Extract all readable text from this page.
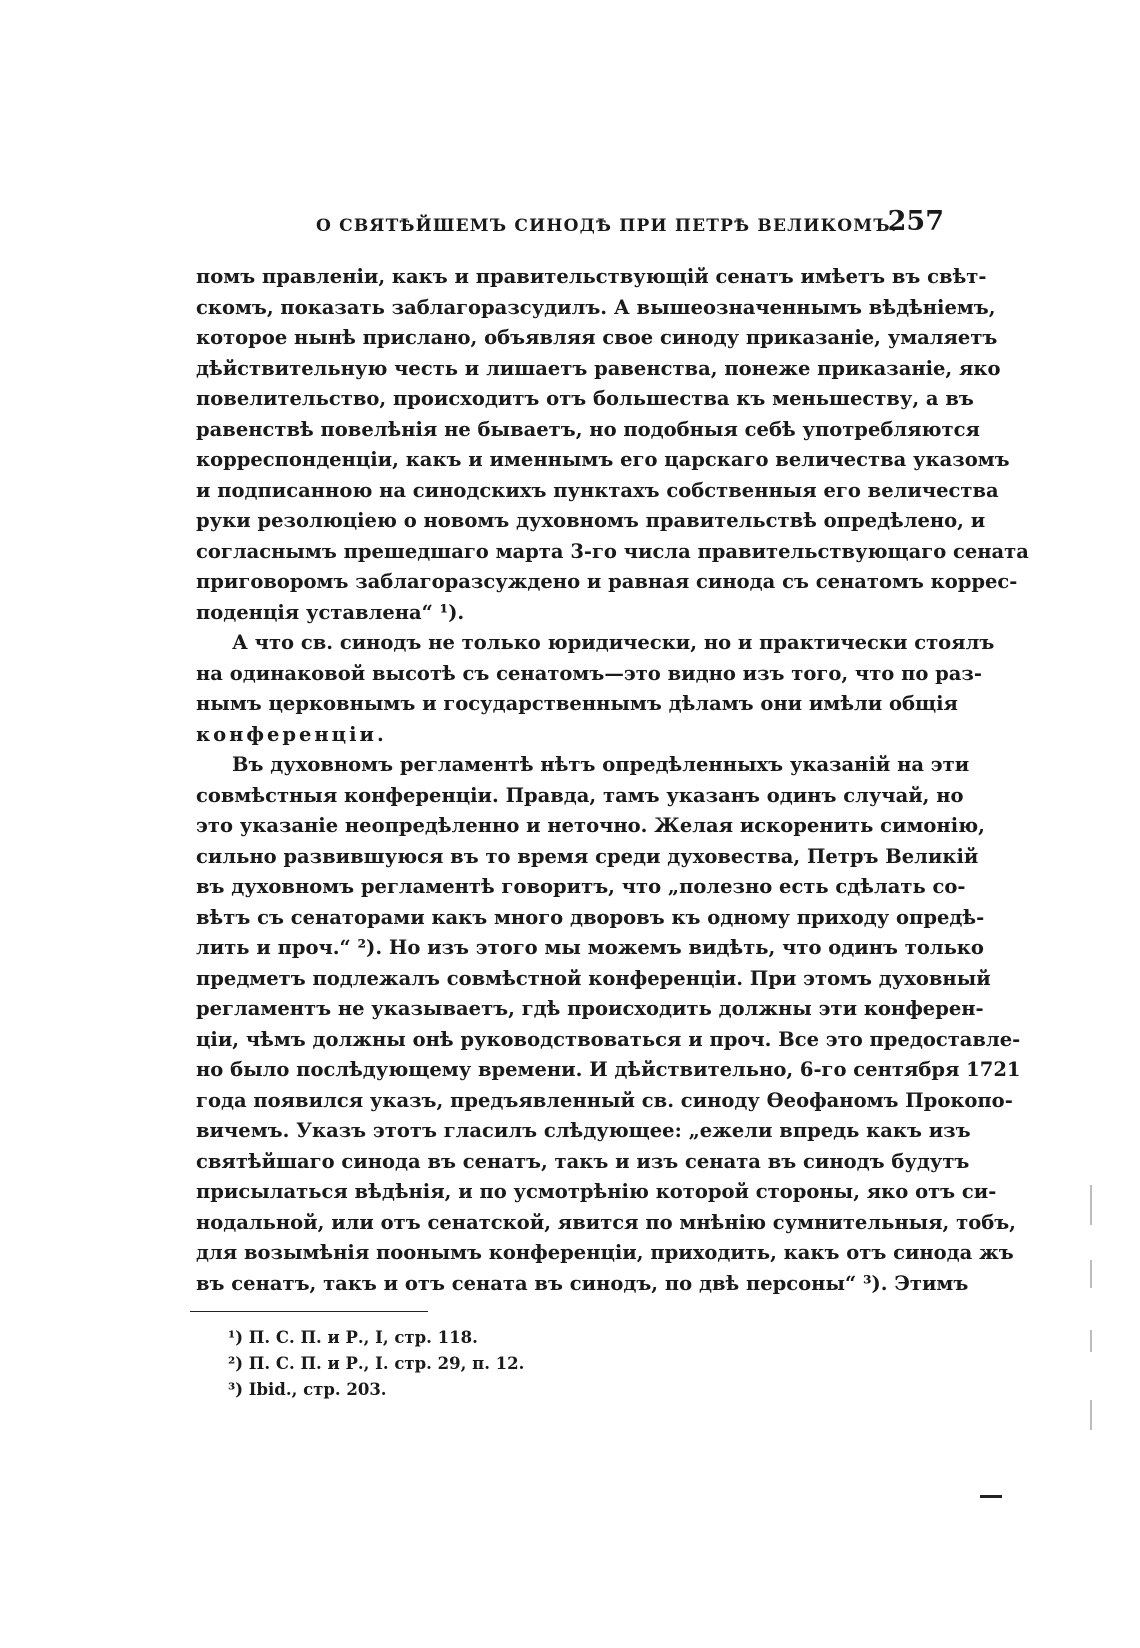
О СВЯТѢЙШЕМЪ СИНОДѢ ПРИ ПЕТРѢ ВЕЛИКОМЪ.
257
помъ правленіи, какъ и правительствующій сенатъ имѣетъ въ свѣт-
скомъ, показать заблагоразсудилъ. А вышеозначеннымъ вѣдѣніемъ,
которое нынѣ прислано, объявляя свое синоду приказаніе, умаляетъ
дѣйствительную честь и лишаетъ равенства, понеже приказаніе, яко
повелительство, происходитъ отъ большества къ меньшеству, а въ
равенствѣ повелѣнія не бываетъ, но подобныя себѣ употребляются
корреспонденціи, какъ и именнымъ его царскаго величества указомъ
и подписанною на синодскихъ пунктахъ собственныя его величества
руки резолюціею о новомъ духовномъ правительствѣ опредѣлено, и
согласнымъ прешедшаго марта 3-го числа правительствующаго сената
приговоромъ заблагоразсуждено и равная синода съ сенатомъ коррес-
поденція уставлена“ ¹).
А что св. синодъ не только юридически, но и практически стоялъ
на одинаковой высотѣ съ сенатомъ—это видно изъ того, что по раз-
нымъ церковнымъ и государственнымъ дѣламъ они имѣли общія
конференціи.
Въ духовномъ регламентѣ нѣтъ опредѣленныхъ указаній на эти
совмѣстныя конференціи. Правда, тамъ указанъ одинъ случай, но
это указаніе неопредѣленно и неточно. Желая искоренить симонію,
сильно развившуюся въ то время среди духовества, Петръ Великій
въ духовномъ регламентѣ говоритъ, что „полезно есть сдѣлать со-
вѣтъ съ сенаторами какъ много дворовъ къ одному приходу опредѣ-
лить и проч.“ ²). Но изъ этого мы можемъ видѣть, что одинъ только
предметъ подлежалъ совмѣстной конференціи. При этомъ духовный
регламентъ не указываетъ, гдѣ происходить должны эти конферен-
ціи, чѣмъ должны онѣ руководствоваться и проч. Все это предоставле-
но было послѣдующему времени. И дѣйствительно, 6-го сентября 1721
года появился указъ, предъявленный св. синоду Ѳеофаномъ Прокопо-
вичемъ. Указъ этотъ гласилъ слѣдующее: „ежели впредь какъ изъ
святѣйшаго синода въ сенатъ, такъ и изъ сената въ синодъ будутъ
присылаться вѣдѣнія, и по усмотрѣнію которой стороны, яко отъ си-
нодальной, или отъ сенатской, явится по мнѣнію сумнительныя, тобъ,
для возымѣнія поонымъ конференціи, приходить, какъ отъ синода жъ
въ сенатъ, такъ и отъ сената въ синодъ, по двѣ персоны“ ³). Этимъ
¹) П. С. П. и Р., I, стр. 118.
²) П. С. П. и Р., I. стр. 29, п. 12.
³) Ibid., стр. 203.
